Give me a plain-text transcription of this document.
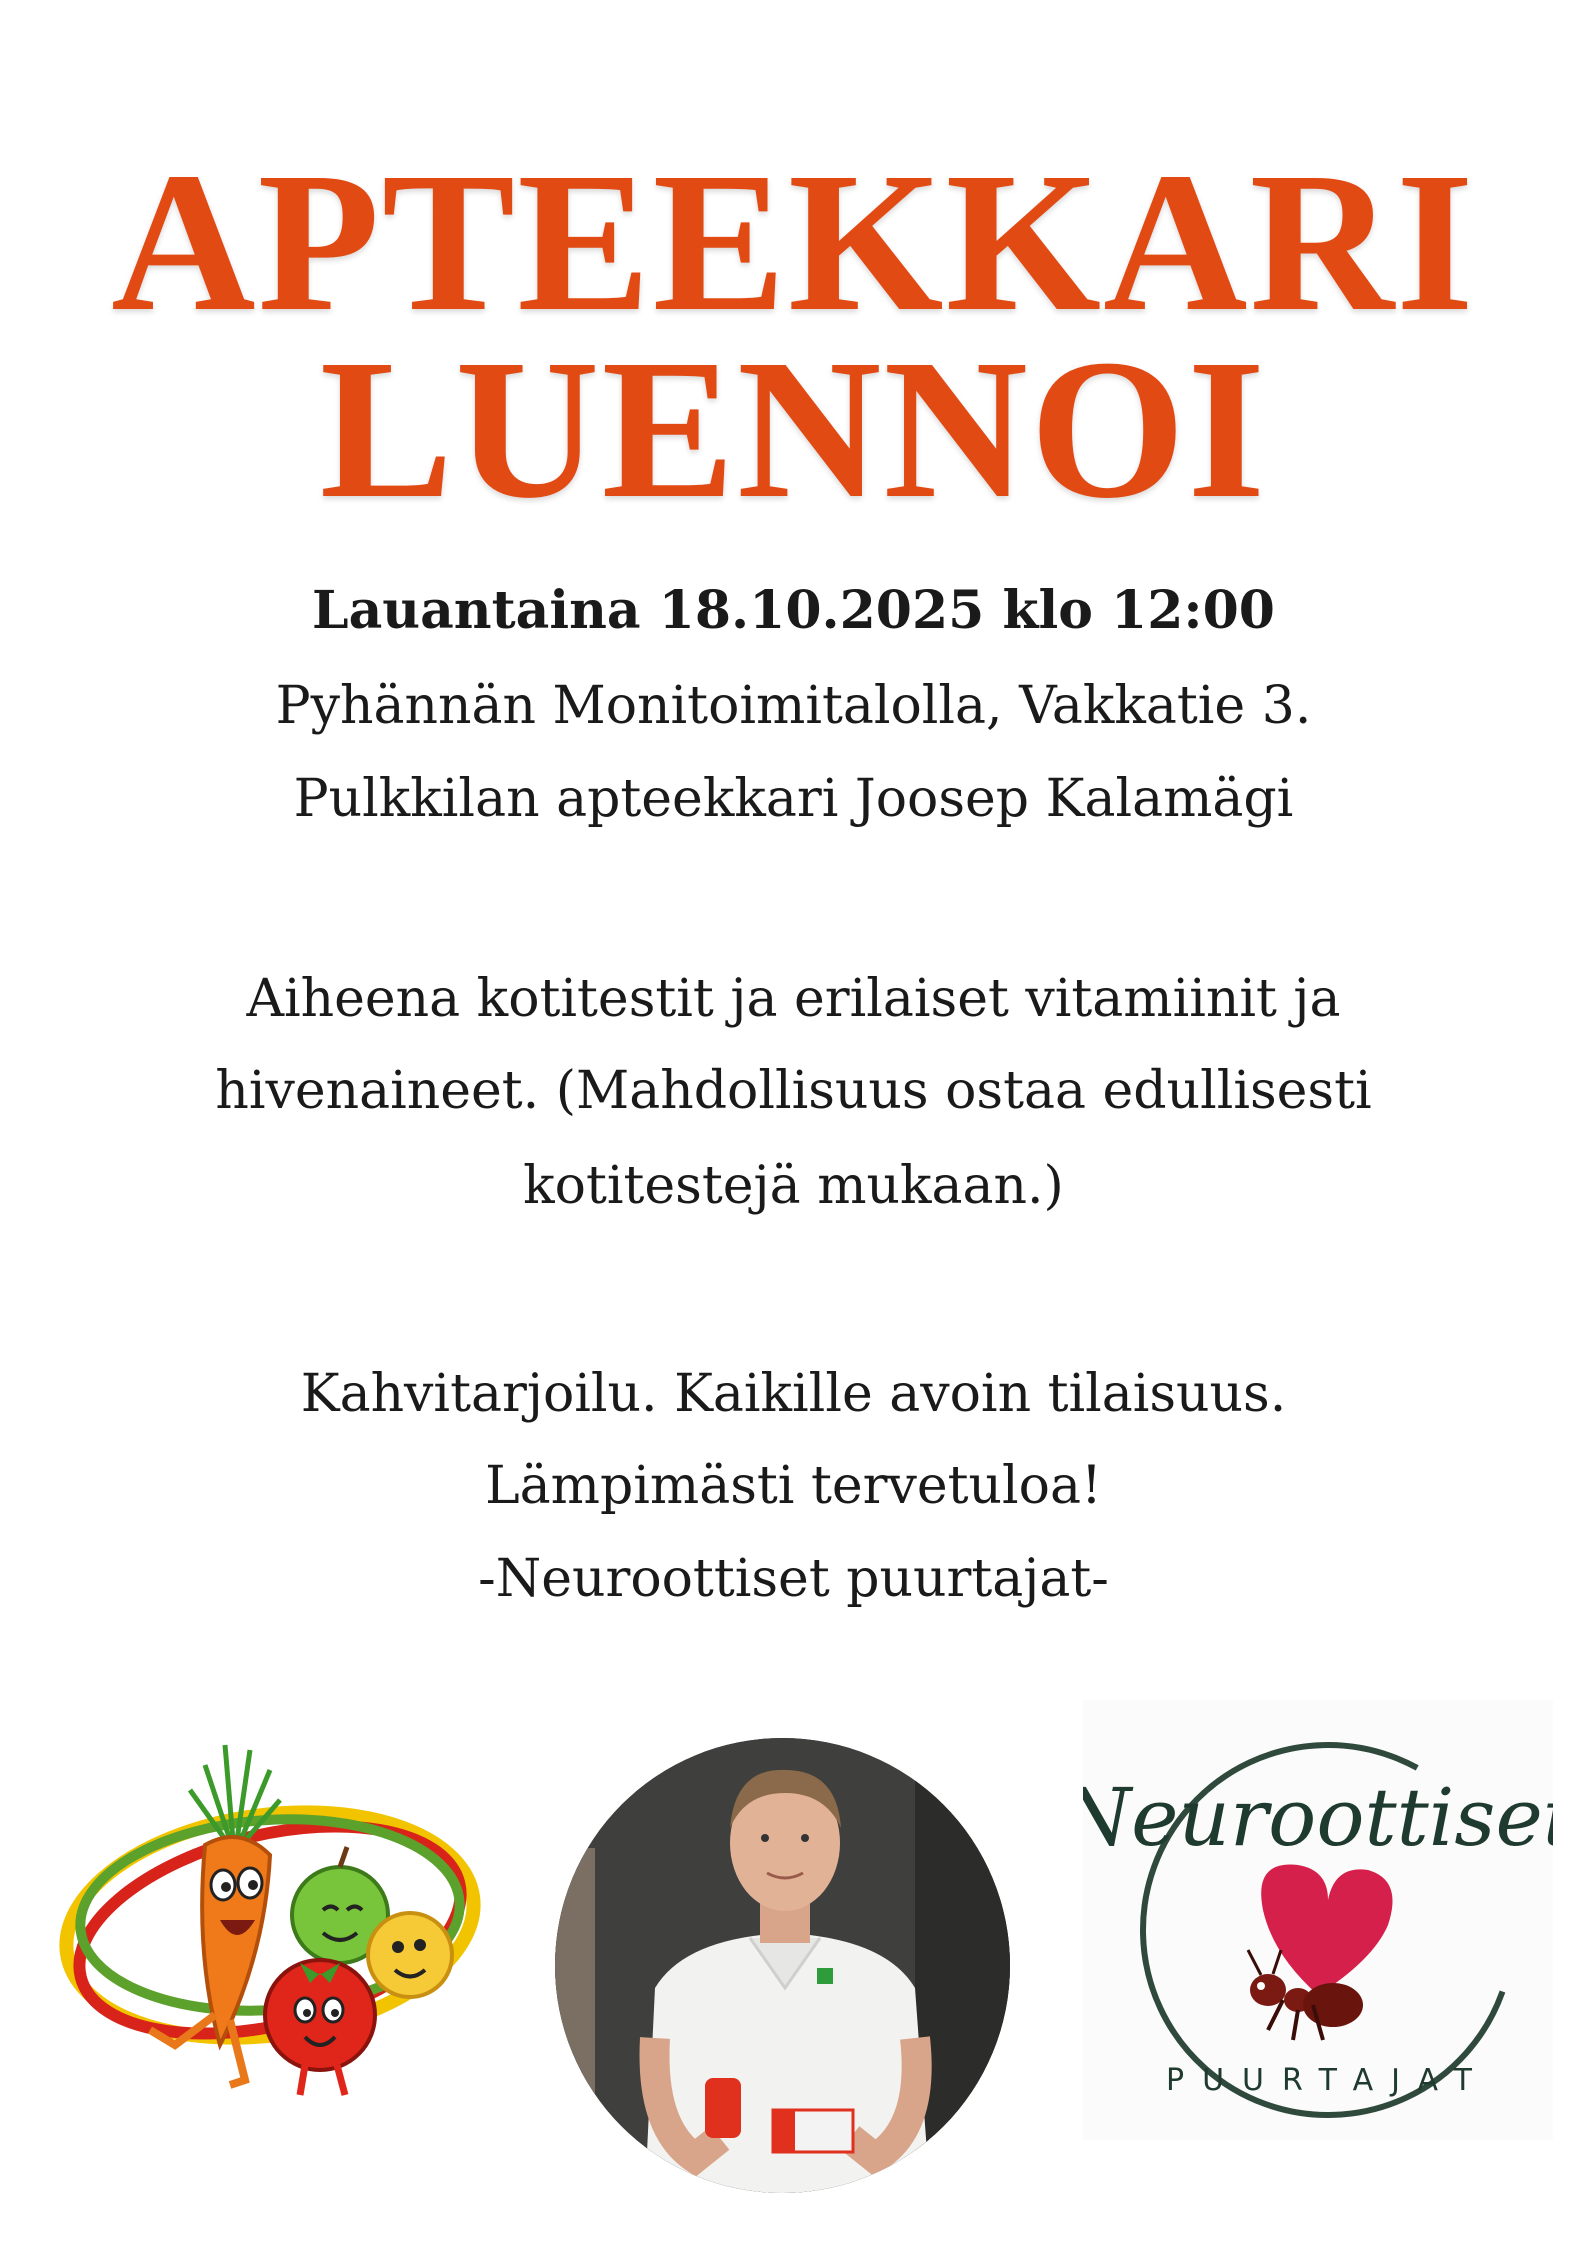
APTEEKKARI
LUENNOI

Lauantaina 18.10.2025 klo 12:00

Pyhännän Monitoimitalolla, Vakkatie 3.

Pulkkilan apteekkari Joosep Kalamägi

Aiheena kotitestit ja erilaiset vitamiinit ja

hivenaineet. (Mahdollisuus ostaa edullisesti

kotitestejä mukaan.)

Kahvitarjoilu. Kaikille avoin tilaisuus.

Lämpimästi tervetuloa!

-Neuroottiset puurtajat-

Neuroottiset
PUURTAJAT
